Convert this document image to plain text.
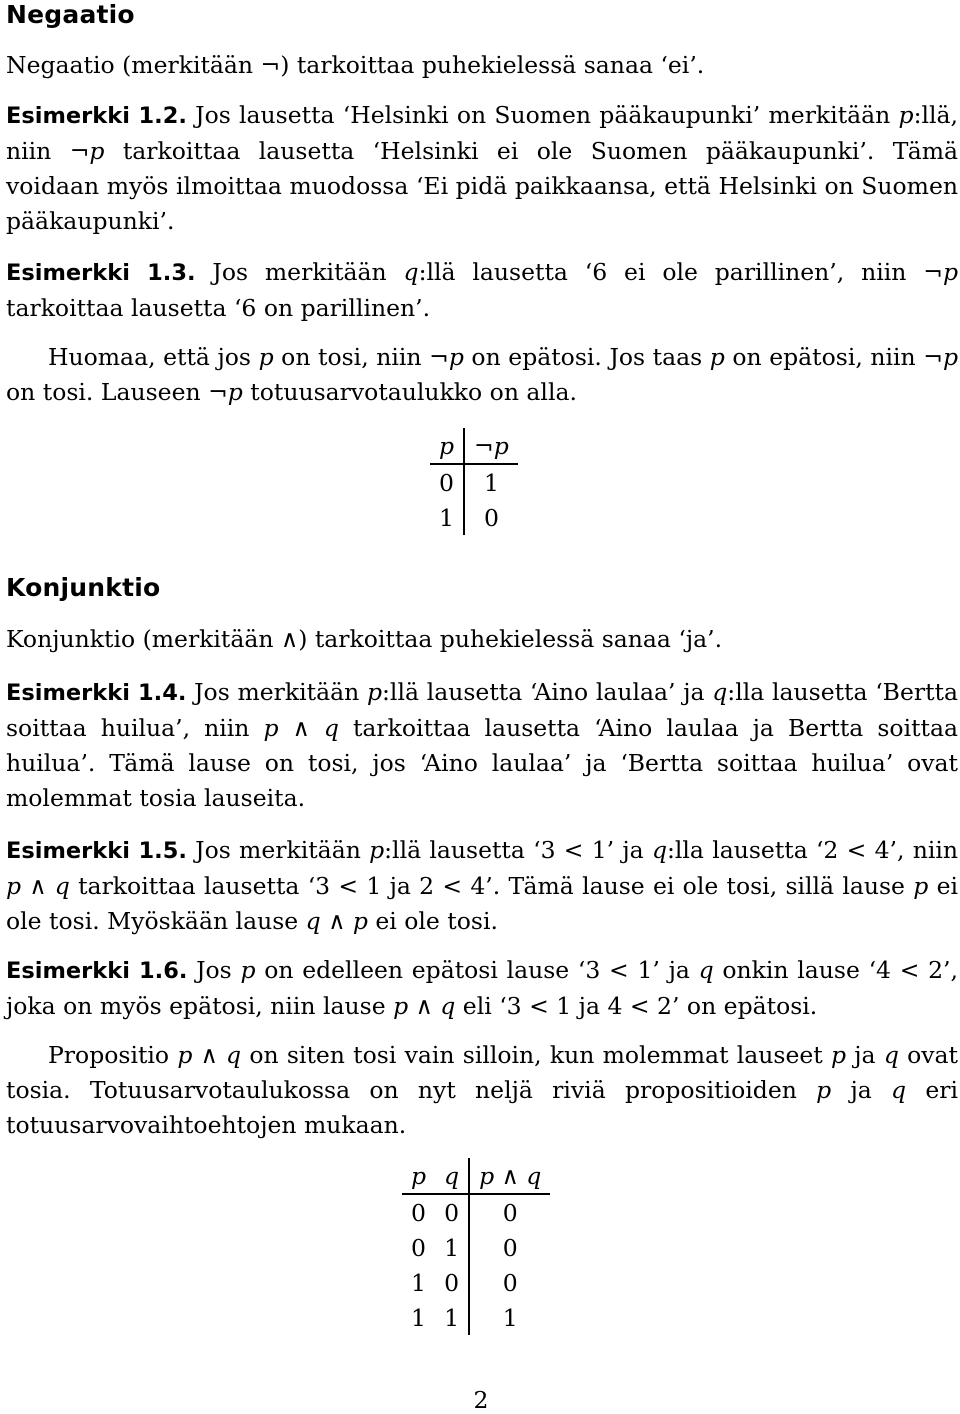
Negaatio
Negaatio (merkitään ¬) tarkoittaa puhekielessä sanaa ‘ei’.
Esimerkki 1.2. Jos lausetta ‘Helsinki on Suomen pääkaupunki’ merkitään p:llä, niin ¬p tarkoittaa lausetta ‘Helsinki ei ole Suomen pääkaupunki’. Tämä voidaan myös ilmoittaa muodossa ‘Ei pidä paikkaansa, että Helsinki on Suomen pääkaupunki’.
Esimerkki 1.3. Jos merkitään q:llä lausetta ‘6 ei ole parillinen’, niin ¬p tarkoittaa lausetta ‘6 on parillinen’.
Huomaa, että jos p on tosi, niin ¬p on epätosi. Jos taas p on epätosi, niin ¬p on tosi. Lauseen ¬p totuusarvotaulukko on alla.
p	¬p
0	1
1	0
Konjunktio
Konjunktio (merkitään ∧) tarkoittaa puhekielessä sanaa ‘ja’.
Esimerkki 1.4. Jos merkitään p:llä lausetta ‘Aino laulaa’ ja q:lla lausetta ‘Bertta soittaa huilua’, niin p ∧ q tarkoittaa lausetta ‘Aino laulaa ja Bertta soittaa huilua’. Tämä lause on tosi, jos ‘Aino laulaa’ ja ‘Bertta soittaa huilua’ ovat molemmat tosia lauseita.
Esimerkki 1.5. Jos merkitään p:llä lausetta ‘3 < 1’ ja q:lla lausetta ‘2 < 4’, niin p ∧ q tarkoittaa lausetta ‘3 < 1 ja 2 < 4’. Tämä lause ei ole tosi, sillä lause p ei ole tosi. Myöskään lause q ∧ p ei ole tosi.
Esimerkki 1.6. Jos p on edelleen epätosi lause ‘3 < 1’ ja q onkin lause ‘4 < 2’, joka on myös epätosi, niin lause p ∧ q eli ‘3 < 1 ja 4 < 2’ on epätosi.
Propositio p ∧ q on siten tosi vain silloin, kun molemmat lauseet p ja q ovat tosia. Totuusarvotaulukossa on nyt neljä riviä propositioiden p ja q eri totuusarvovaihtoehtojen mukaan.
p	q	p ∧ q
0	0	0
0	1	0
1	0	0
1	1	1
2
